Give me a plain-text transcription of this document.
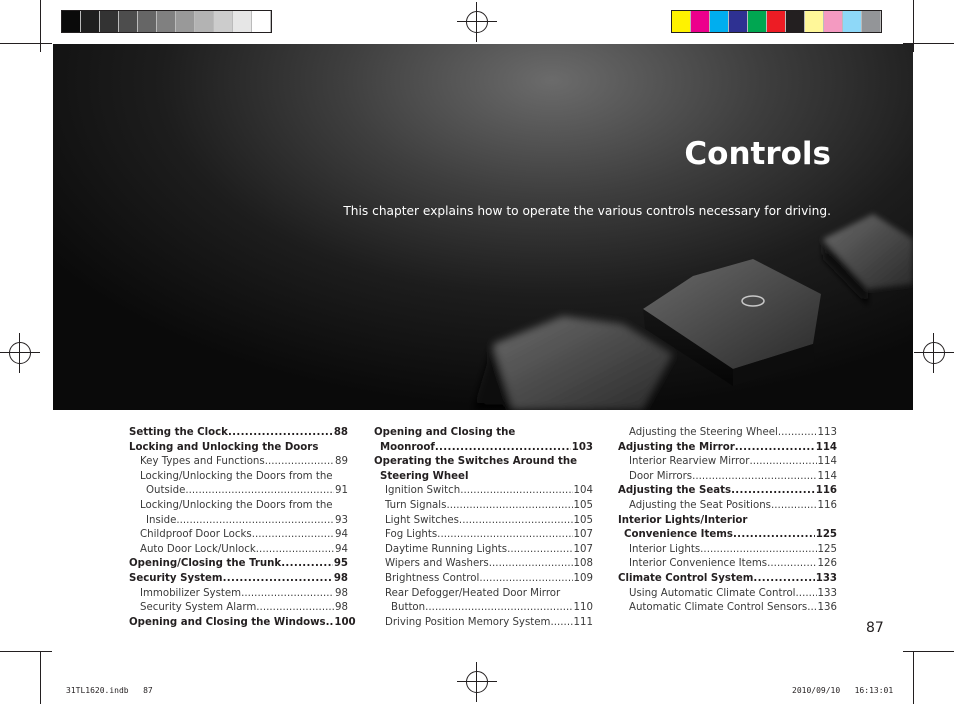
Controls

This chapter explains how to operate the various controls necessary for driving.

Setting the Clock . . .	88
Locking and Unlocking the Doors
Key Types and Functions . . .	89
Locking/Unlocking the Doors from the
Outside . . .	91
Locking/Unlocking the Doors from the
Inside . . .	93
Childproof Door Locks . . .	94
Auto Door Lock/Unlock . . .	94
Opening/Closing the Trunk . . .	95
Security System . . .	98
Immobilizer System . . .	98
Security System Alarm . . .	98
Opening and Closing the Windows.. 100
Opening and Closing the
Moonroof . . .	103
Operating the Switches Around the
Steering Wheel
Ignition Switch . . .	104
Turn Signals . . .	105
Light Switches . . .	105
Fog Lights . . .	107
Daytime Running Lights . . .	107
Wipers and Washers . . .	108
Brightness Control . . .	109
Rear Defogger/Heated Door Mirror
Button . . .	110
Driving Position Memory System . . . 111
Adjusting the Steering Wheel . . .	113
Adjusting the Mirror . . .	114
Interior Rearview Mirror . . .	114
Door Mirrors . . .	114
Adjusting the Seats . . .	116
Adjusting the Seat Positions . . .	116
Interior Lights/Interior
Convenience Items . . .	125
Interior Lights . . .	125
Interior Convenience Items . . .	126
Climate Control System . . .	133
Using Automatic Climate Control . . . 133
Automatic Climate Control Sensors . . . 136

87

31TL1620.indb   87	2010/09/10   16:13:01
